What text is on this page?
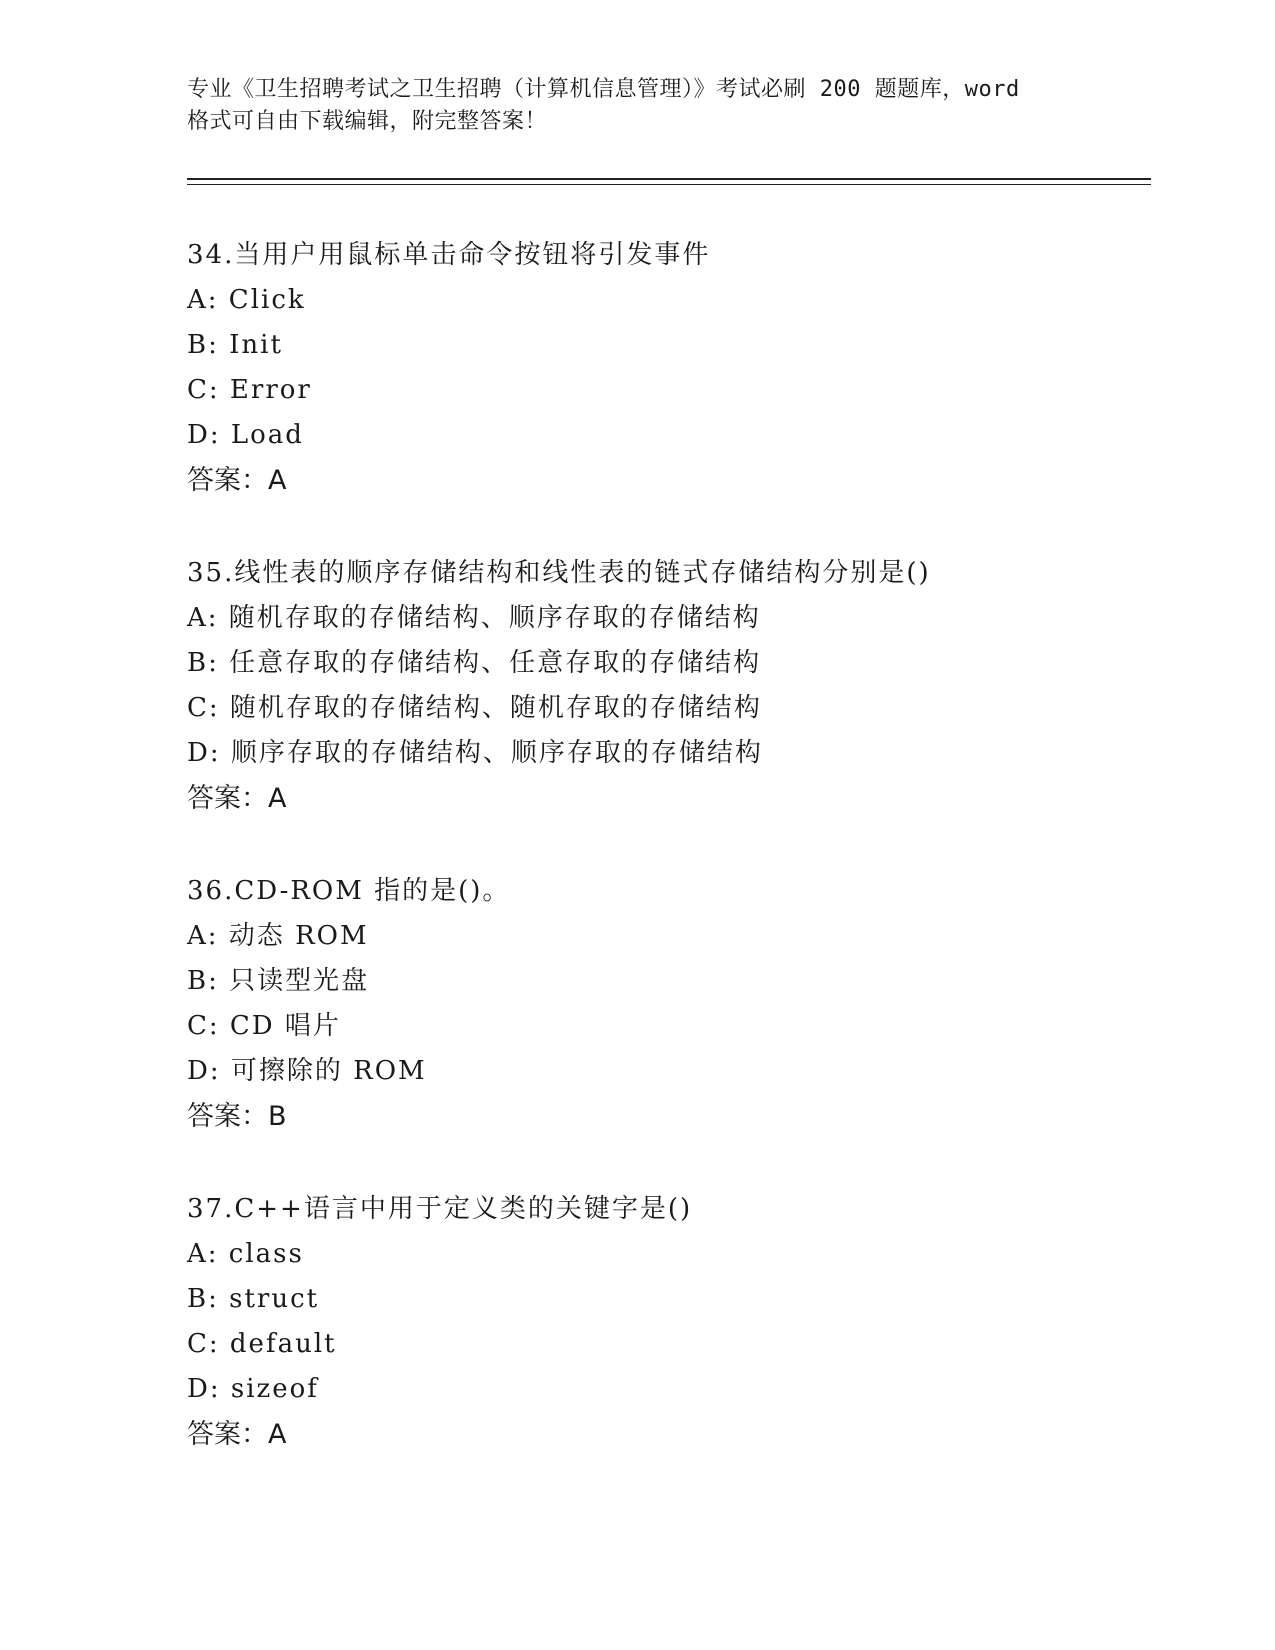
专业《卫生招聘考试之卫生招聘（计算机信息管理）》考试必刷 200 题题库，word
格式可自由下载编辑，附完整答案！
34.当用户用鼠标单击命令按钮将引发事件
A: Click
B: Init
C: Error
D: Load
答案：A
35.线性表的顺序存储结构和线性表的链式存储结构分别是()
A: 随机存取的存储结构、顺序存取的存储结构
B: 任意存取的存储结构、任意存取的存储结构
C: 随机存取的存储结构、随机存取的存储结构
D: 顺序存取的存储结构、顺序存取的存储结构
答案：A
36.CD-ROM 指的是()。
A: 动态 ROM
B: 只读型光盘
C: CD 唱片
D: 可擦除的 ROM
答案：B
37.C++语言中用于定义类的关键字是()
A: class
B: struct
C: default
D: sizeof
答案：A
